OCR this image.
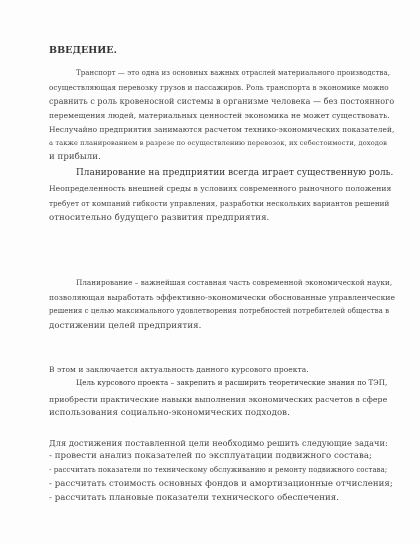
ВВЕДЕНИЕ.
Транспорт — это одна из основных важных отраслей материального производства,
осуществляющая перевозку грузов и пассажиров. Роль транспорта в экономике можно
сравнить с роль кровеносной системы в организме человека — без постоянного
перемещения людей, материальных ценностей экономика не может существовать.
Неслучайно предприятия занимаются расчетом технико-экономических показателей,
а также планированием в разрезе по осуществлению перевозок, их себестоимости, доходов
и прибыли.
Планирование на предприятии всегда играет существенную роль.
Неопределенность внешней среды в условиях современного рыночного положения
требует от компаний гибкости управления, разработки нескольких вариантов решений
относительно будущего развития предприятия.
Планирование – важнейшая составная часть современной экономической науки,
позволяющая выработать эффективно-экономически обоснованные управленческие
решения с целью максимального удовлетворения потребностей потребителей общества в
достижении целей предприятия.
В этом и заключается актуальность данного курсового проекта.
Цель курсового проекта – закрепить и расширить теоретические знания по ТЭП,
приобрести практические навыки выполнения экономических расчетов в сфере
использования социально-экономических подходов.
Для достижения поставленной цели необходимо решить следующие задачи:
- провести анализ показателей по эксплуатации подвижного состава;
- рассчитать показатели по техническому обслуживанию и ремонту подвижного состава;
- рассчитать стоимость основных фондов и амортизационные отчисления;
- рассчитать плановые показатели технического обеспечения.
